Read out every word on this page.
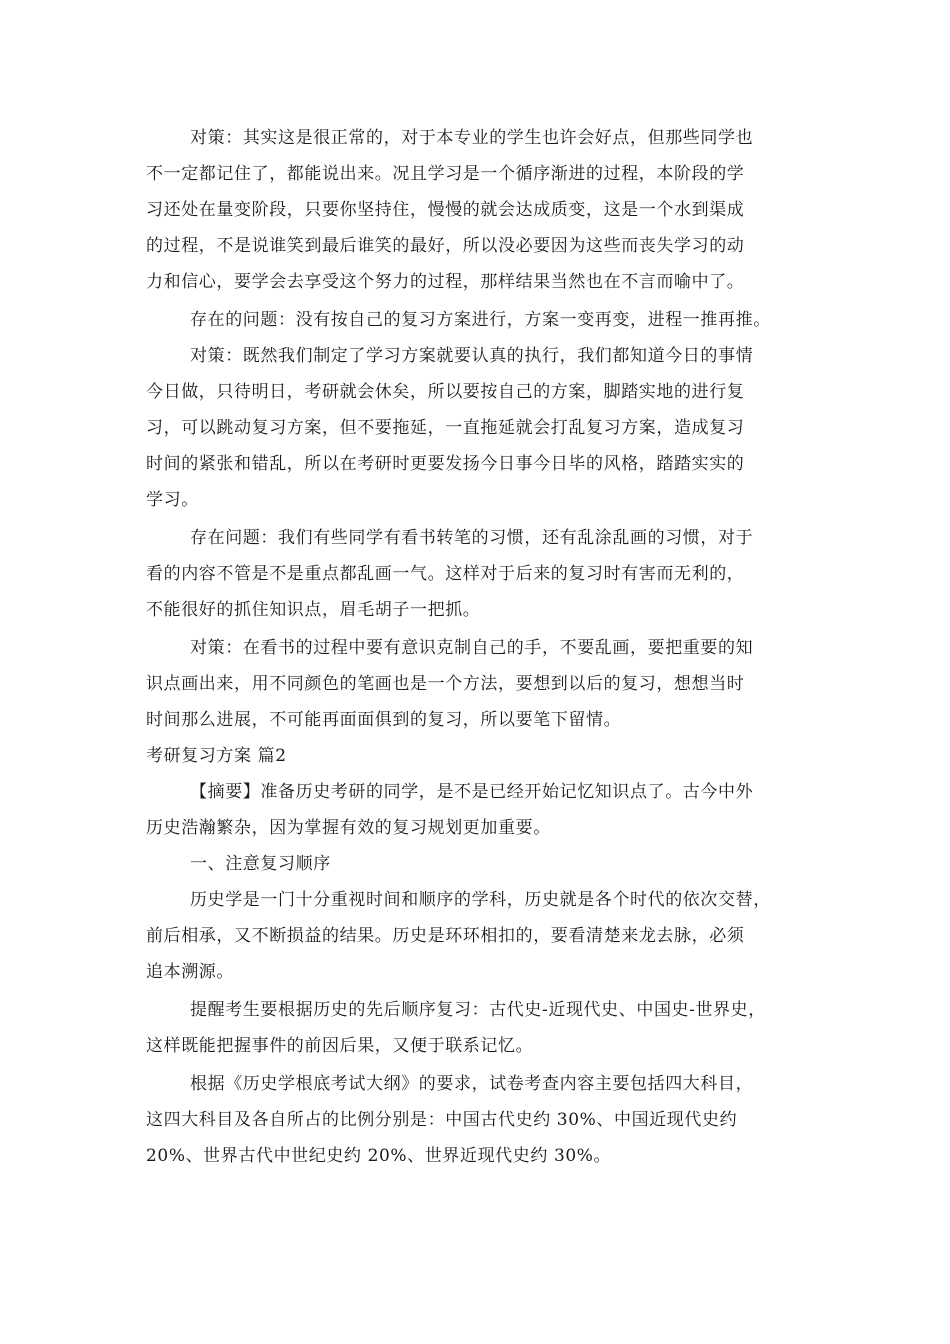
对策：其实这是很正常的，对于本专业的学生也许会好点，但那些同学也
不一定都记住了，都能说出来。况且学习是一个循序渐进的过程，本阶段的学
习还处在量变阶段，只要你坚持住，慢慢的就会达成质变，这是一个水到渠成
的过程，不是说谁笑到最后谁笑的最好，所以没必要因为这些而丧失学习的动
力和信心，要学会去享受这个努力的过程，那样结果当然也在不言而喻中了。
存在的问题：没有按自己的复习方案进行，方案一变再变，进程一推再推。
对策：既然我们制定了学习方案就要认真的执行，我们都知道今日的事情
今日做，只待明日，考研就会休矣，所以要按自己的方案，脚踏实地的进行复
习，可以跳动复习方案，但不要拖延，一直拖延就会打乱复习方案，造成复习
时间的紧张和错乱，所以在考研时更要发扬今日事今日毕的风格，踏踏实实的
学习。
存在问题：我们有些同学有看书转笔的习惯，还有乱涂乱画的习惯，对于
看的内容不管是不是重点都乱画一气。这样对于后来的复习时有害而无利的，
不能很好的抓住知识点，眉毛胡子一把抓。
对策：在看书的过程中要有意识克制自己的手，不要乱画，要把重要的知
识点画出来，用不同颜色的笔画也是一个方法，要想到以后的复习，想想当时
时间那么进展，不可能再面面俱到的复习，所以要笔下留情。
考研复习方案 篇2
【摘要】准备历史考研的同学，是不是已经开始记忆知识点了。古今中外
历史浩瀚繁杂，因为掌握有效的复习规划更加重要。
一、注意复习顺序
历史学是一门十分重视时间和顺序的学科，历史就是各个时代的依次交替，
前后相承，又不断损益的结果。历史是环环相扣的，要看清楚来龙去脉，必须
追本溯源。
提醒考生要根据历史的先后顺序复习：古代史-近现代史、中国史-世界史，
这样既能把握事件的前因后果，又便于联系记忆。
根据《历史学根底考试大纲》的要求，试卷考查内容主要包括四大科目，
这四大科目及各自所占的比例分别是：中国古代史约 30%、中国近现代史约
20%、世界古代中世纪史约 20%、世界近现代史约 30%。
